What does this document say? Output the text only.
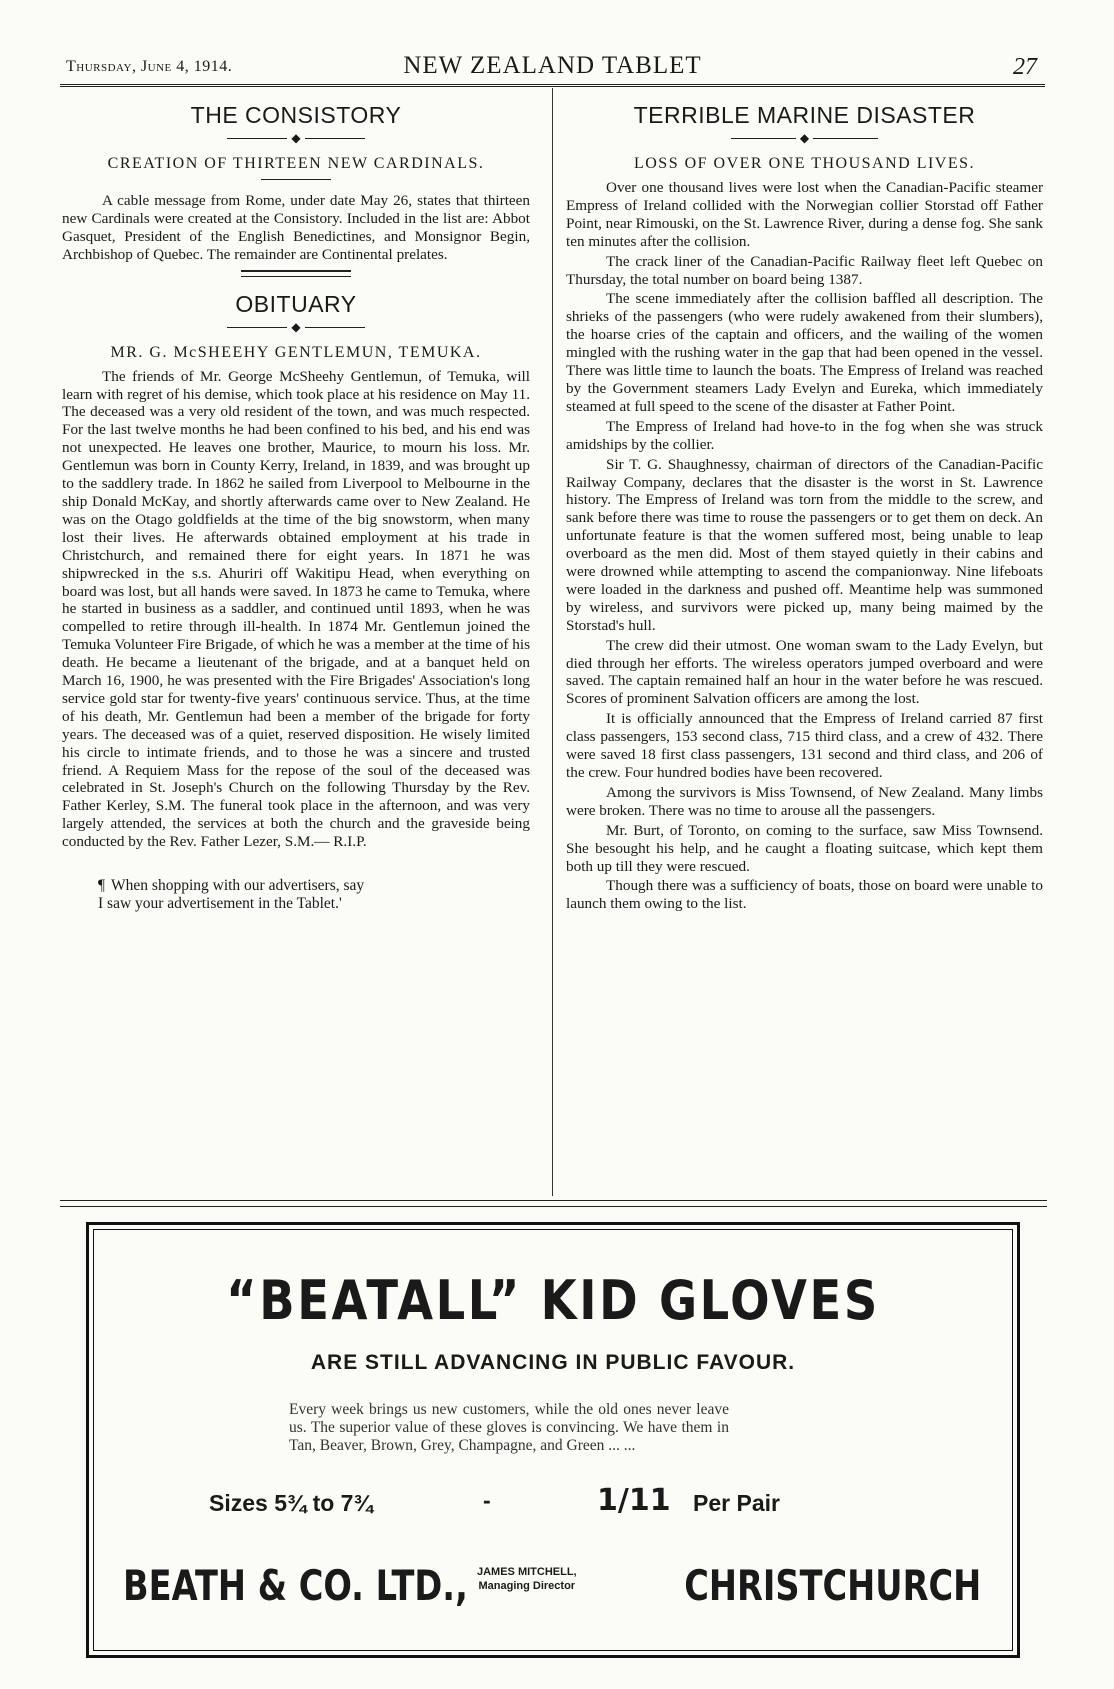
Thursday, June 4, 1914.	NEW ZEALAND TABLET	27
THE CONSISTORY
◆
CREATION OF THIRTEEN NEW CARDINALS.

A cable message from Rome, under date May 26, states that thirteen new Cardinals were created at the Consistory. Included in the list are: Abbot Gasquet, President of the English Benedictines, and Monsignor Begin, Archbishop of Quebec. The remainder are Continental prelates.

OBITUARY
◆
MR. G. McSHEEHY GENTLEMUN, TEMUKA.

The friends of Mr. George McSheehy Gentlemun, of Temuka, will learn with regret of his demise, which took place at his residence on May 11. The deceased was a very old resident of the town, and was much respected. For the last twelve months he had been confined to his bed, and his end was not unexpected. He leaves one brother, Maurice, to mourn his loss. Mr. Gentlemun was born in County Kerry, Ireland, in 1839, and was brought up to the saddlery trade. In 1862 he sailed from Liverpool to Melbourne in the ship Donald McKay, and shortly afterwards came over to New Zealand. He was on the Otago goldfields at the time of the big snowstorm, when many lost their lives. He afterwards obtained employment at his trade in Christchurch, and remained there for eight years. In 1871 he was shipwrecked in the s.s. Ahuriri off Wakitipu Head, when everything on board was lost, but all hands were saved. In 1873 he came to Temuka, where he started in business as a saddler, and continued until 1893, when he was compelled to retire through ill-health. In 1874 Mr. Gentlemun joined the Temuka Volunteer Fire Brigade, of which he was a member at the time of his death. He became a lieutenant of the brigade, and at a banquet held on March 16, 1900, he was presented with the Fire Brigades' Association's long service gold star for twenty-five years' continuous service. Thus, at the time of his death, Mr. Gentlemun had been a member of the brigade for forty years. The deceased was of a quiet, reserved disposition. He wisely limited his circle to intimate friends, and to those he was a sincere and trusted friend. A Requiem Mass for the repose of the soul of the deceased was celebrated in St. Joseph's Church on the following Thursday by the Rev. Father Kerley, S.M. The funeral took place in the afternoon, and was very largely attended, the services at both the church and the graveside being conducted by the Rev. Father Lezer, S.M.— R.I.P.

¶ When shopping with our advertisers, say
I saw your advertisement in the Tablet.'
TERRIBLE MARINE DISASTER
◆
LOSS OF OVER ONE THOUSAND LIVES.

Over one thousand lives were lost when the Canadian-Pacific steamer Empress of Ireland collided with the Norwegian collier Storstad off Father Point, near Rimouski, on the St. Lawrence River, during a dense fog. She sank ten minutes after the collision.

The crack liner of the Canadian-Pacific Railway fleet left Quebec on Thursday, the total number on board being 1387.

The scene immediately after the collision baffled all description. The shrieks of the passengers (who were rudely awakened from their slumbers), the hoarse cries of the captain and officers, and the wailing of the women mingled with the rushing water in the gap that had been opened in the vessel. There was little time to launch the boats. The Empress of Ireland was reached by the Government steamers Lady Evelyn and Eureka, which immediately steamed at full speed to the scene of the disaster at Father Point.

The Empress of Ireland had hove-to in the fog when she was struck amidships by the collier.

Sir T. G. Shaughnessy, chairman of directors of the Canadian-Pacific Railway Company, declares that the disaster is the worst in St. Lawrence history. The Empress of Ireland was torn from the middle to the screw, and sank before there was time to rouse the passengers or to get them on deck. An unfortunate feature is that the women suffered most, being unable to leap overboard as the men did. Most of them stayed quietly in their cabins and were drowned while attempting to ascend the companionway. Nine lifeboats were loaded in the darkness and pushed off. Meantime help was summoned by wireless, and survivors were picked up, many being maimed by the Storstad's hull.

The crew did their utmost. One woman swam to the Lady Evelyn, but died through her efforts. The wireless operators jumped overboard and were saved. The captain remained half an hour in the water before he was rescued. Scores of prominent Salvation officers are among the lost.

It is officially announced that the Empress of Ireland carried 87 first class passengers, 153 second class, 715 third class, and a crew of 432. There were saved 18 first class passengers, 131 second and third class, and 206 of the crew. Four hundred bodies have been recovered.

Among the survivors is Miss Townsend, of New Zealand. Many limbs were broken. There was no time to arouse all the passengers.

Mr. Burt, of Toronto, on coming to the surface, saw Miss Townsend. She besought his help, and he caught a floating suitcase, which kept them both up till they were rescued.

Though there was a sufficiency of boats, those on board were unable to launch them owing to the list.

“BEATALL” KID GLOVES
ARE STILL ADVANCING IN PUBLIC FAVOUR.
Every week brings us new customers, while the old ones never leave us. The superior value of these gloves is convincing. We have them in Tan, Beaver, Brown, Grey, Champagne, and Green ... ...
Sizes 5¾ to 7¾	-	1/11 Per Pair
BEATH & CO. LTD., JAMES MITCHELL,
Managing Director	CHRISTCHURCH
